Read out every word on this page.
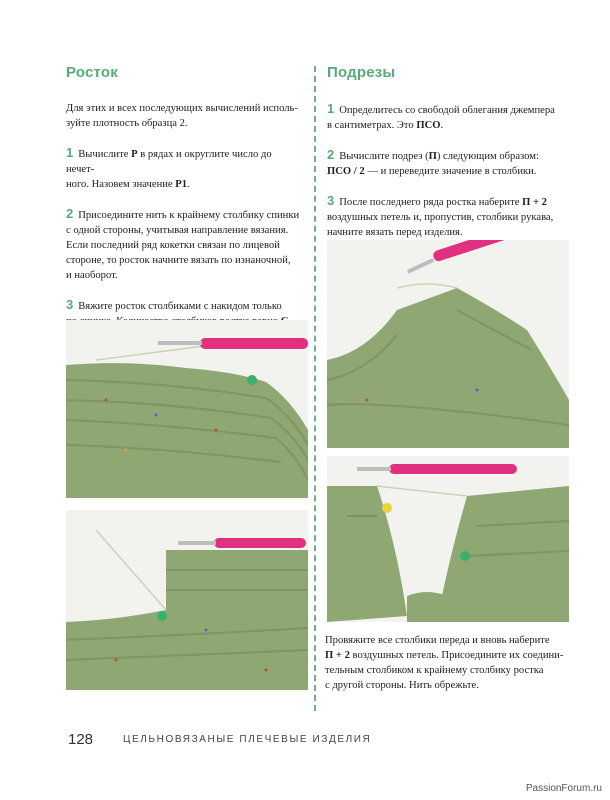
Росток

Для этих и всех последующих вычислений исполь-
зуйте плотность образца 2.

1 Вычислите Р в рядах и округлите число до нечет-
ного. Назовем значение Р1.

2 Присоедините нить к крайнему столбику спинки
с одной стороны, учитывая направление вязания.
Если последний ряд кокетки связан по лицевой
стороне, то росток начните вязать по изнаночной,
и наоборот.

3 Вяжите росток столбиками с накидом только

Подрезы

1 Определитесь со свободой облегания джемпера
в сантиметрах. Это ПСО.

2 Вычислите подрез (П) следующим образом:
ПСО / 2 — и переведите значение в столбики.

3 После последнего ряда ростка наберите П + 2
воздушных петель и, пропустив, столбики рукава,
начните вязать перед изделия.

Провяжите все столбики переда и вновь наберите
П + 2 воздушных петель. Присоедините их соедини-
тельным столбиком к крайнему столбику ростка
с другой стороны. Нить обрежьте.

128	ЦЕЛЬНОВЯЗАНЫЕ ПЛЕЧЕВЫЕ ИЗДЕЛИЯ
PassionForum.ru
